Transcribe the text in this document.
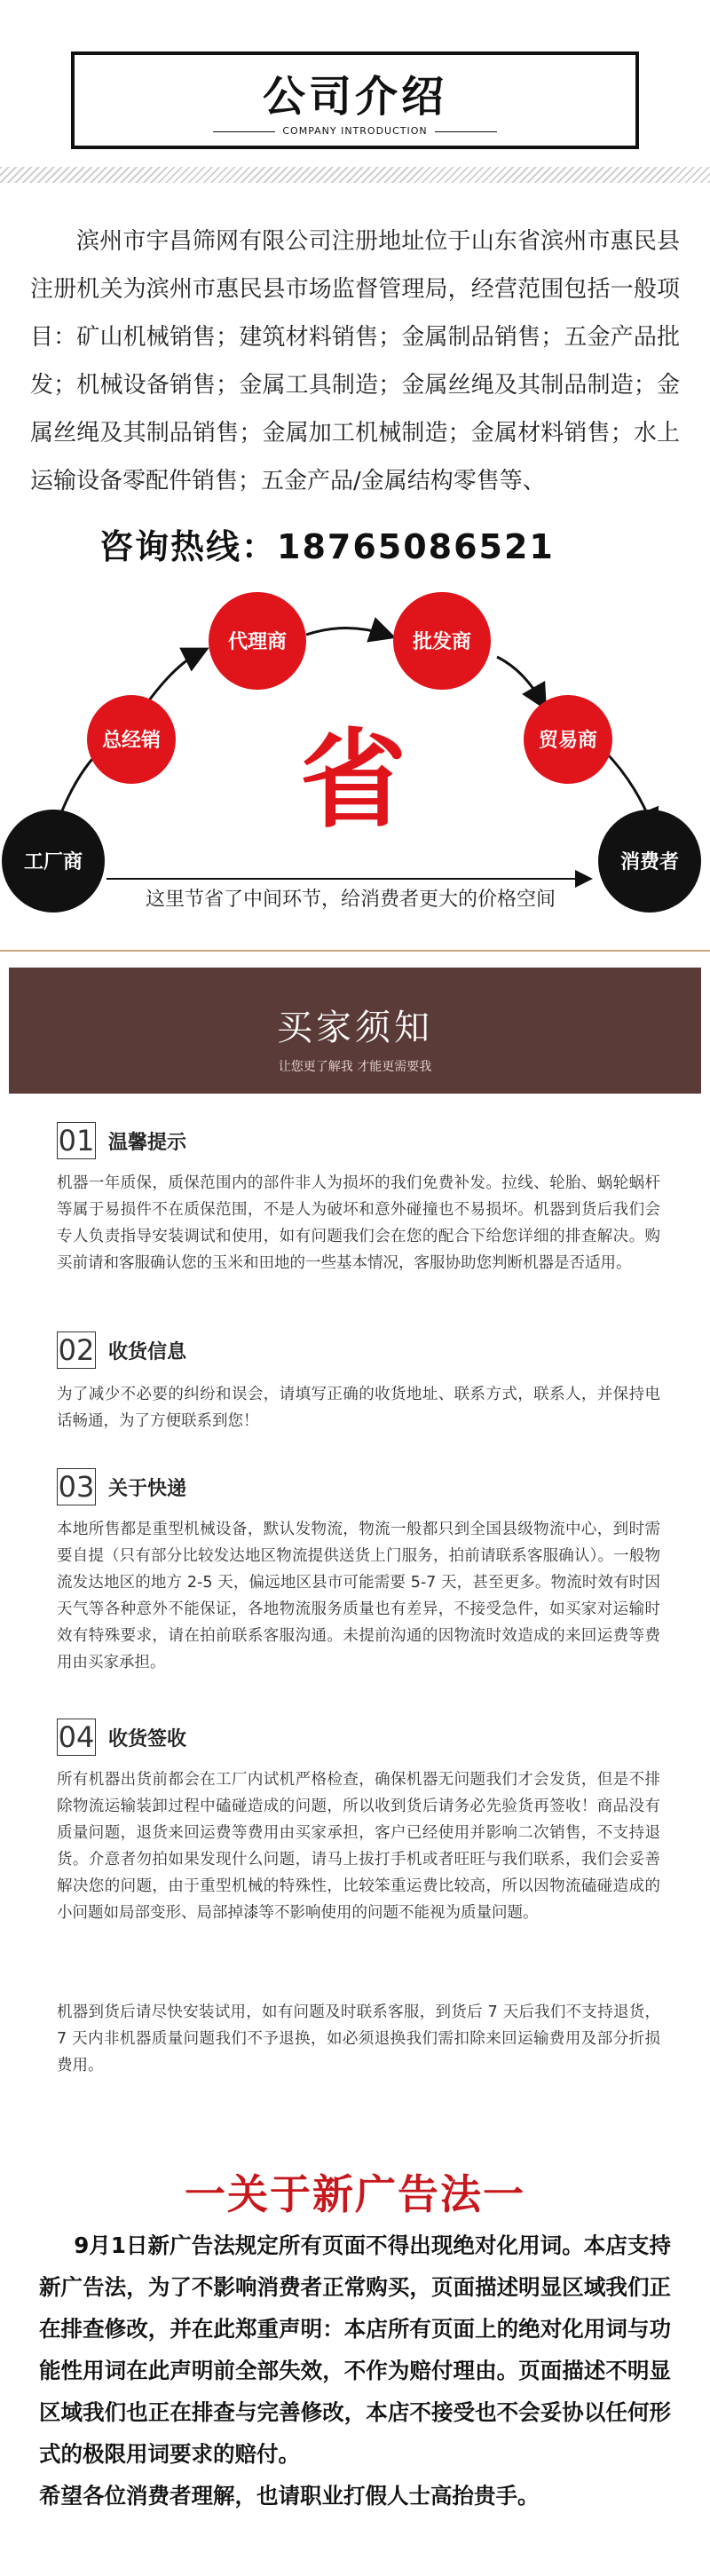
公司介绍
COMPANY INTRODUCTION
滨州市宇昌筛网有限公司注册地址位于山东省滨州市惠民县注册机关为滨州市惠民县市场监督管理局，经营范围包括一般项目：矿山机械销售；建筑材料销售；金属制品销售；五金产品批发；机械设备销售；金属工具制造；金属丝绳及其制品制造；金属丝绳及其制品销售；金属加工机械制造；金属材料销售；水上运输设备零配件销售；五金产品/金属结构零售等、
咨询热线：18765086521
工厂商
总经销
代理商	批发商
贸易商
消费者
省
这里节省了中间环节，给消费者更大的价格空间
买家须知
让您更了解我 才能更需要我
01 温馨提示
机器一年质保，质保范围内的部件非人为损坏的我们免费补发。拉线、轮胎、蜗轮蜗杆等属于易损件不在质保范围，不是人为破坏和意外碰撞也不易损坏。机器到货后我们会专人负责指导安装调试和使用，如有问题我们会在您的配合下给您详细的排查解决。购买前请和客服确认您的玉米和田地的一些基本情况，客服协助您判断机器是否适用。
02 收货信息
为了减少不必要的纠纷和误会，请填写正确的收货地址、联系方式，联系人，并保持电话畅通，为了方便联系到您！
03 关于快递
本地所售都是重型机械设备，默认发物流，物流一般都只到全国县级物流中心，到时需要自提（只有部分比较发达地区物流提供送货上门服务，拍前请联系客服确认）。一般物流发达地区的地方 2-5 天，偏远地区县市可能需要 5-7 天，甚至更多。物流时效有时因天气等各种意外不能保证，各地物流服务质量也有差异，不接受急件，如买家对运输时效有特殊要求，请在拍前联系客服沟通。未提前沟通的因物流时效造成的来回运费等费用由买家承担。
04 收货签收
所有机器出货前都会在工厂内试机严格检查，确保机器无问题我们才会发货，但是不排除物流运输装卸过程中磕碰造成的问题，所以收到货后请务必先验货再签收！商品没有质量问题，退货来回运费等费用由买家承担，客户已经使用并影响二次销售，不支持退货。介意者勿拍如果发现什么问题，请马上拔打手机或者旺旺与我们联系，我们会妥善解决您的问题，由于重型机械的特殊性，比较笨重运费比较高，所以因物流磕碰造成的小问题如局部变形、局部掉漆等不影响使用的问题不能视为质量问题。
机器到货后请尽快安装试用，如有问题及时联系客服，到货后 7 天后我们不支持退货，7 天内非机器质量问题我们不予退换，如必须退换我们需扣除来回运输费用及部分折损费用。
一关于新广告法一

9月1日新广告法规定所有页面不得出现绝对化用词。本店支持新广告法，为了不影响消费者正常购买，页面描述明显区域我们正在排查修改，并在此郑重声明：本店所有页面上的绝对化用词与功能性用词在此声明前全部失效，不作为赔付理由。页面描述不明显区域我们也正在排查与完善修改，本店不接受也不会妥协以任何形式的极限用词要求的赔付。

希望各位消费者理解，也请职业打假人士高抬贵手。
